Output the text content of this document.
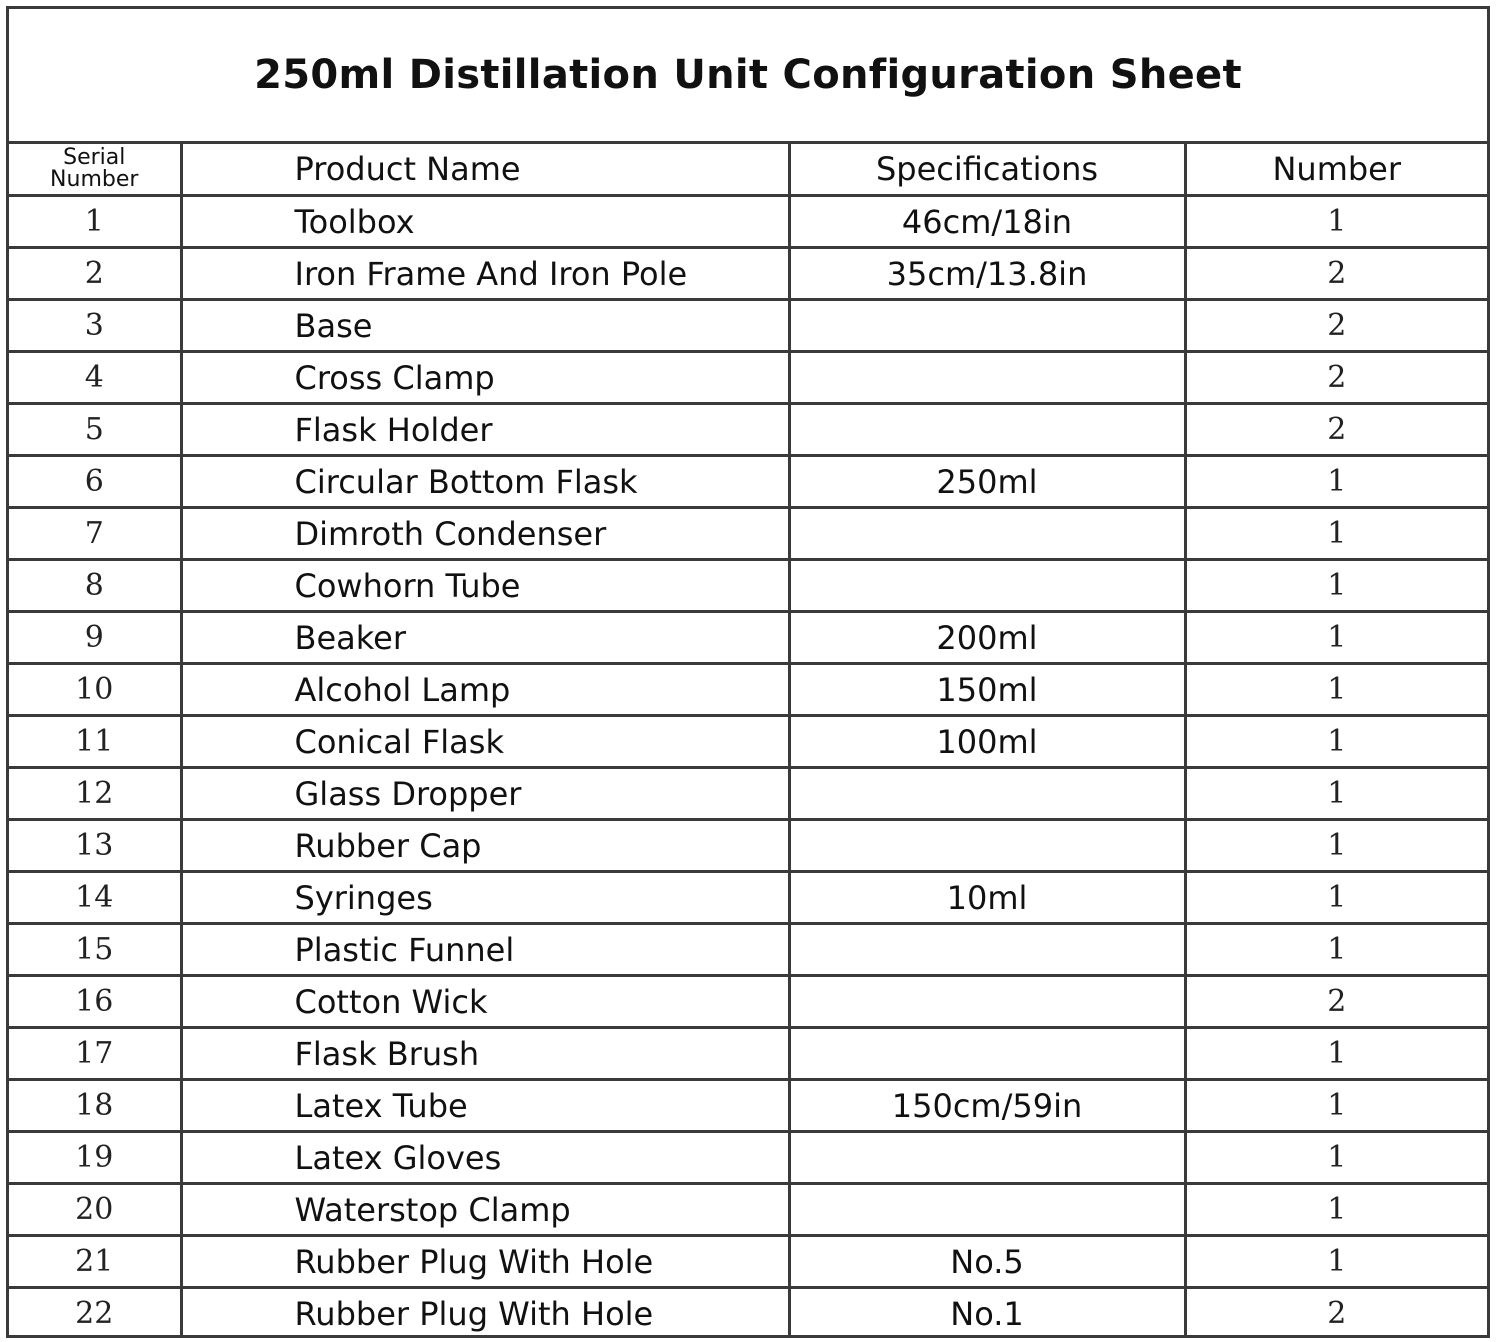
250ml Distillation Unit Configuration Sheet
Serial
Number	Product Name	Specifications	Number
1	Toolbox	46cm/18in	1
2	Iron Frame And Iron Pole	35cm/13.8in	2
3	Base		2
4	Cross Clamp		2
5	Flask Holder		2
6	Circular Bottom Flask	250ml	1
7	Dimroth Condenser		1
8	Cowhorn Tube		1
9	Beaker	200ml	1
10	Alcohol Lamp	150ml	1
11	Conical Flask	100ml	1
12	Glass Dropper		1
13	Rubber Cap		1
14	Syringes	10ml	1
15	Plastic Funnel		1
16	Cotton Wick		2
17	Flask Brush		1
18	Latex Tube	150cm/59in	1
19	Latex Gloves		1
20	Waterstop Clamp		1
21	Rubber Plug With Hole	No.5	1
22	Rubber Plug With Hole	No.1	2
